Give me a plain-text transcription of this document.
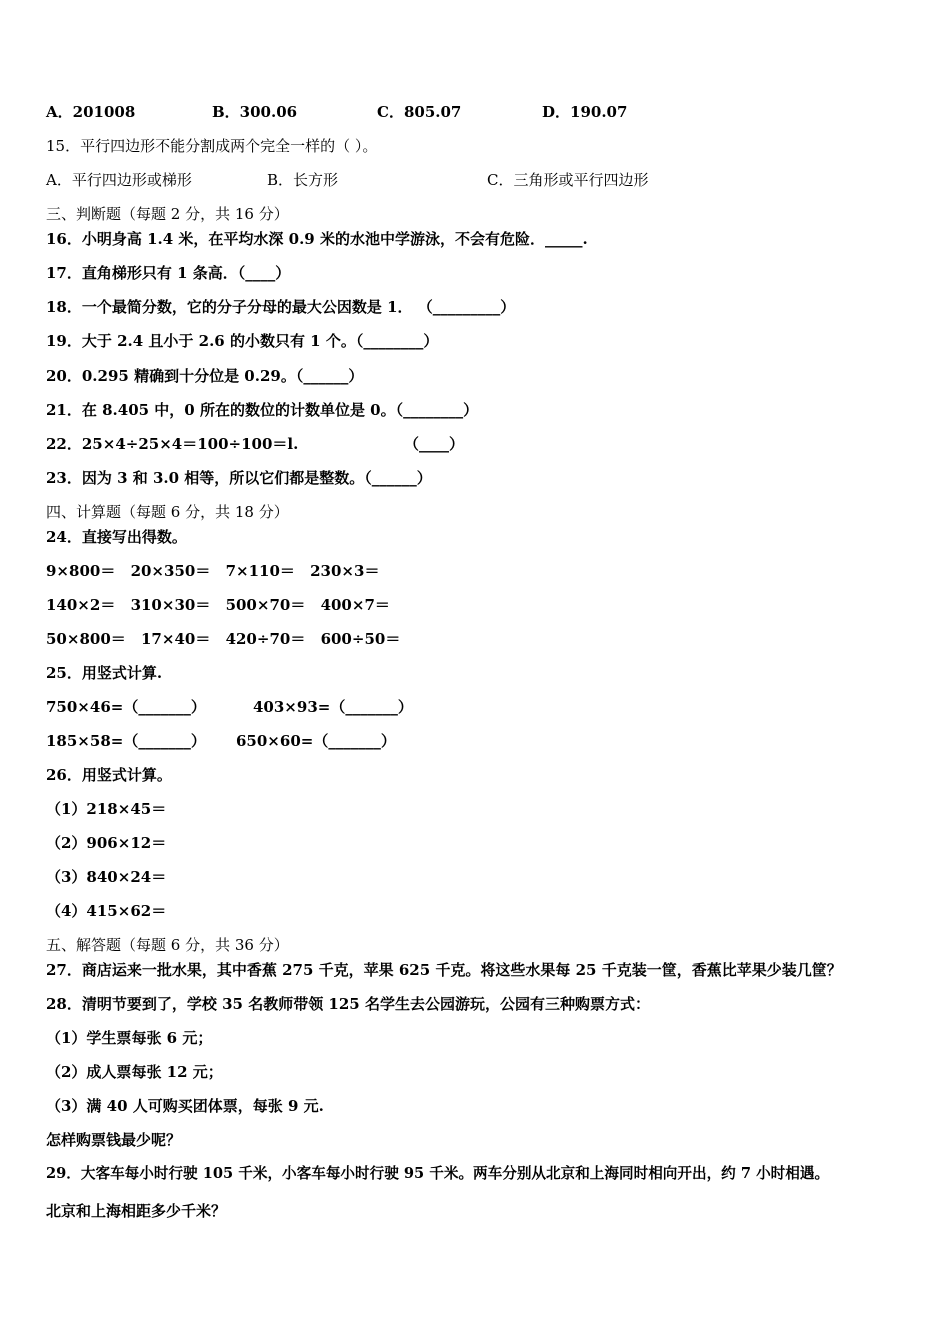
A．201008	B．300.06	C．805.07	D．190.07
15．平行四边形不能分割成两个完全一样的（ ）。
A．平行四边形或梯形	B．长方形	C．三角形或平行四边形
三、判断题（每题 2 分，共 16 分）
16．小明身高 1.4 米，在平均水深 0.9 米的水池中学游泳，不会有危险．_____.
17．直角梯形只有 1 条高．（____）
18．一个最简分数，它的分子分母的最大公因数是 1． （_________）
19．大于 2.4 且小于 2.6 的小数只有 1 个。（________）
20．0.295 精确到十分位是 0.29。（______）
21．在 8.405 中，0 所在的数位的计数单位是 0。（________）
22．25×4÷25×4＝100÷100＝l.	（____）
23．因为 3 和 3.0 相等，所以它们都是整数。（______）
四、计算题（每题 6 分，共 18 分）
24．直接写出得数。
9×800＝ 20×350＝ 7×110＝ 230×3＝
140×2＝ 310×30＝ 500×70＝ 400×7＝
50×800＝ 17×40＝ 420÷70＝ 600÷50＝
25．用竖式计算.
750×46=（_______）	403×93=（_______）
185×58=（_______） 650×60=（_______）
26．用竖式计算。
（1）218×45＝
（2）906×12＝
（3）840×24＝
（4）415×62＝
五、解答题（每题 6 分，共 36 分）
27．商店运来一批水果，其中香蕉 275 千克，苹果 625 千克。将这些水果每 25 千克装一筐，香蕉比苹果少装几筐？
28．清明节要到了，学校 35 名教师带领 125 名学生去公园游玩，公园有三种购票方式：
（1）学生票每张 6 元；
（2）成人票每张 12 元；
（3）满 40 人可购买团体票，每张 9 元.
怎样购票钱最少呢？
29．大客车每小时行驶 105 千米，小客车每小时行驶 95 千米。两车分别从北京和上海同时相向开出，约 7 小时相遇。
北京和上海相距多少千米？
